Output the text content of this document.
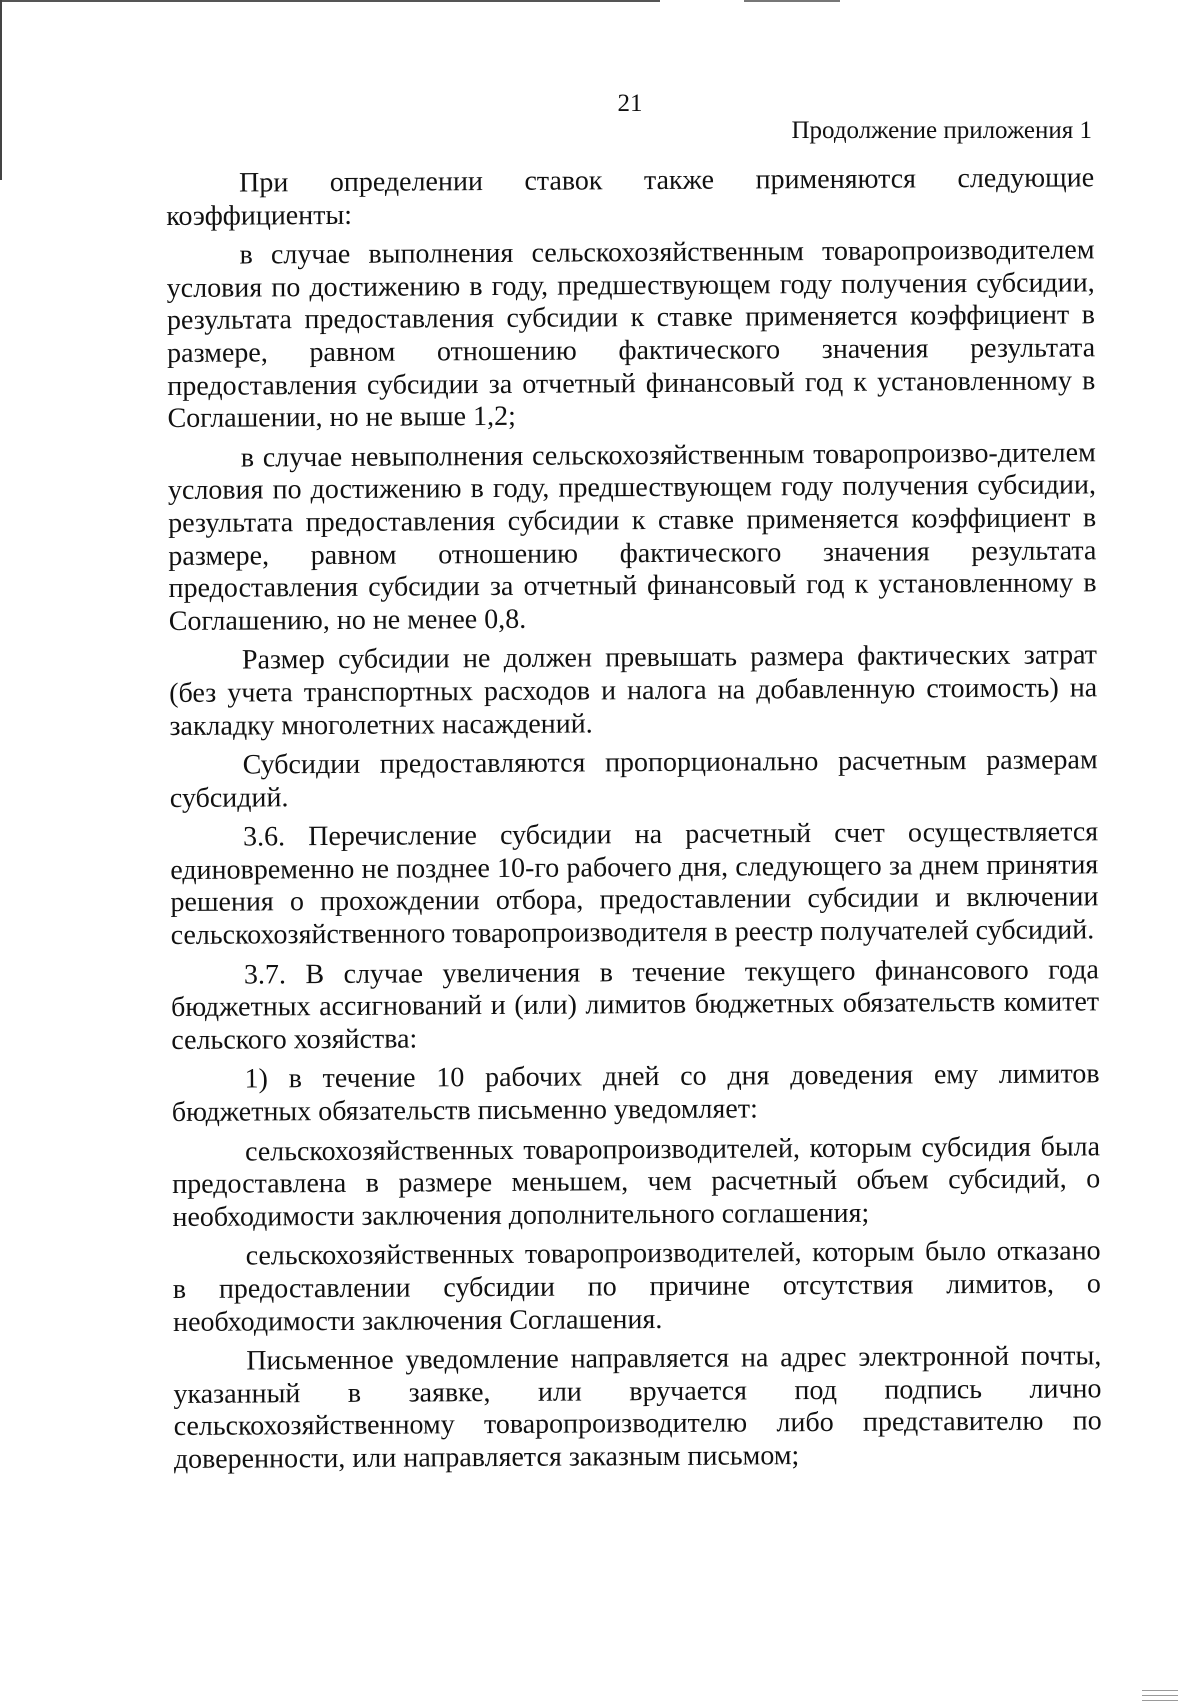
21
Продолжение приложения 1

При определении ставок также применяются следующие коэффициенты:

в случае выполнения сельскохозяйственным товаропроизводителем условия по достижению в году, предшествующем году получения субсидии, результата предоставления субсидии к ставке применяется коэффициент в размере, равном отношению фактического значения результата предоставления субсидии за отчетный финансовый год к установленному в Соглашении, но не выше 1,2;

в случае невыполнения сельскохозяйственным товаропроизво-дителем условия по достижению в году, предшествующем году получения субсидии, результата предоставления субсидии к ставке применяется коэффициент в размере, равном отношению фактического значения результата предоставления субсидии за отчетный финансовый год к установленному в Соглашению, но не менее 0,8.

Размер субсидии не должен превышать размера фактических затрат (без учета транспортных расходов и налога на добавленную стоимость) на закладку многолетних насаждений.

Субсидии предоставляются пропорционально расчетным размерам субсидий.

3.6. Перечисление субсидии на расчетный счет осуществляется единовременно не позднее 10-го рабочего дня, следующего за днем принятия решения о прохождении отбора, предоставлении субсидии и включении сельскохозяйственного товаропроизводителя в реестр получателей субсидий.

3.7. В случае увеличения в течение текущего финансового года бюджетных ассигнований и (или) лимитов бюджетных обязательств комитет сельского хозяйства:

1) в течение 10 рабочих дней со дня доведения ему лимитов бюджетных обязательств письменно уведомляет:

сельскохозяйственных товаропроизводителей, которым субсидия была предоставлена в размере меньшем, чем расчетный объем субсидий, о необходимости заключения дополнительного соглашения;

сельскохозяйственных товаропроизводителей, которым было отказано в предоставлении субсидии по причине отсутствия лимитов, о необходимости заключения Соглашения.

Письменное уведомление направляется на адрес электронной почты, указанный в заявке, или вручается под подпись лично сельскохозяйственному товаропроизводителю либо представителю по доверенности, или направляется заказным письмом;
